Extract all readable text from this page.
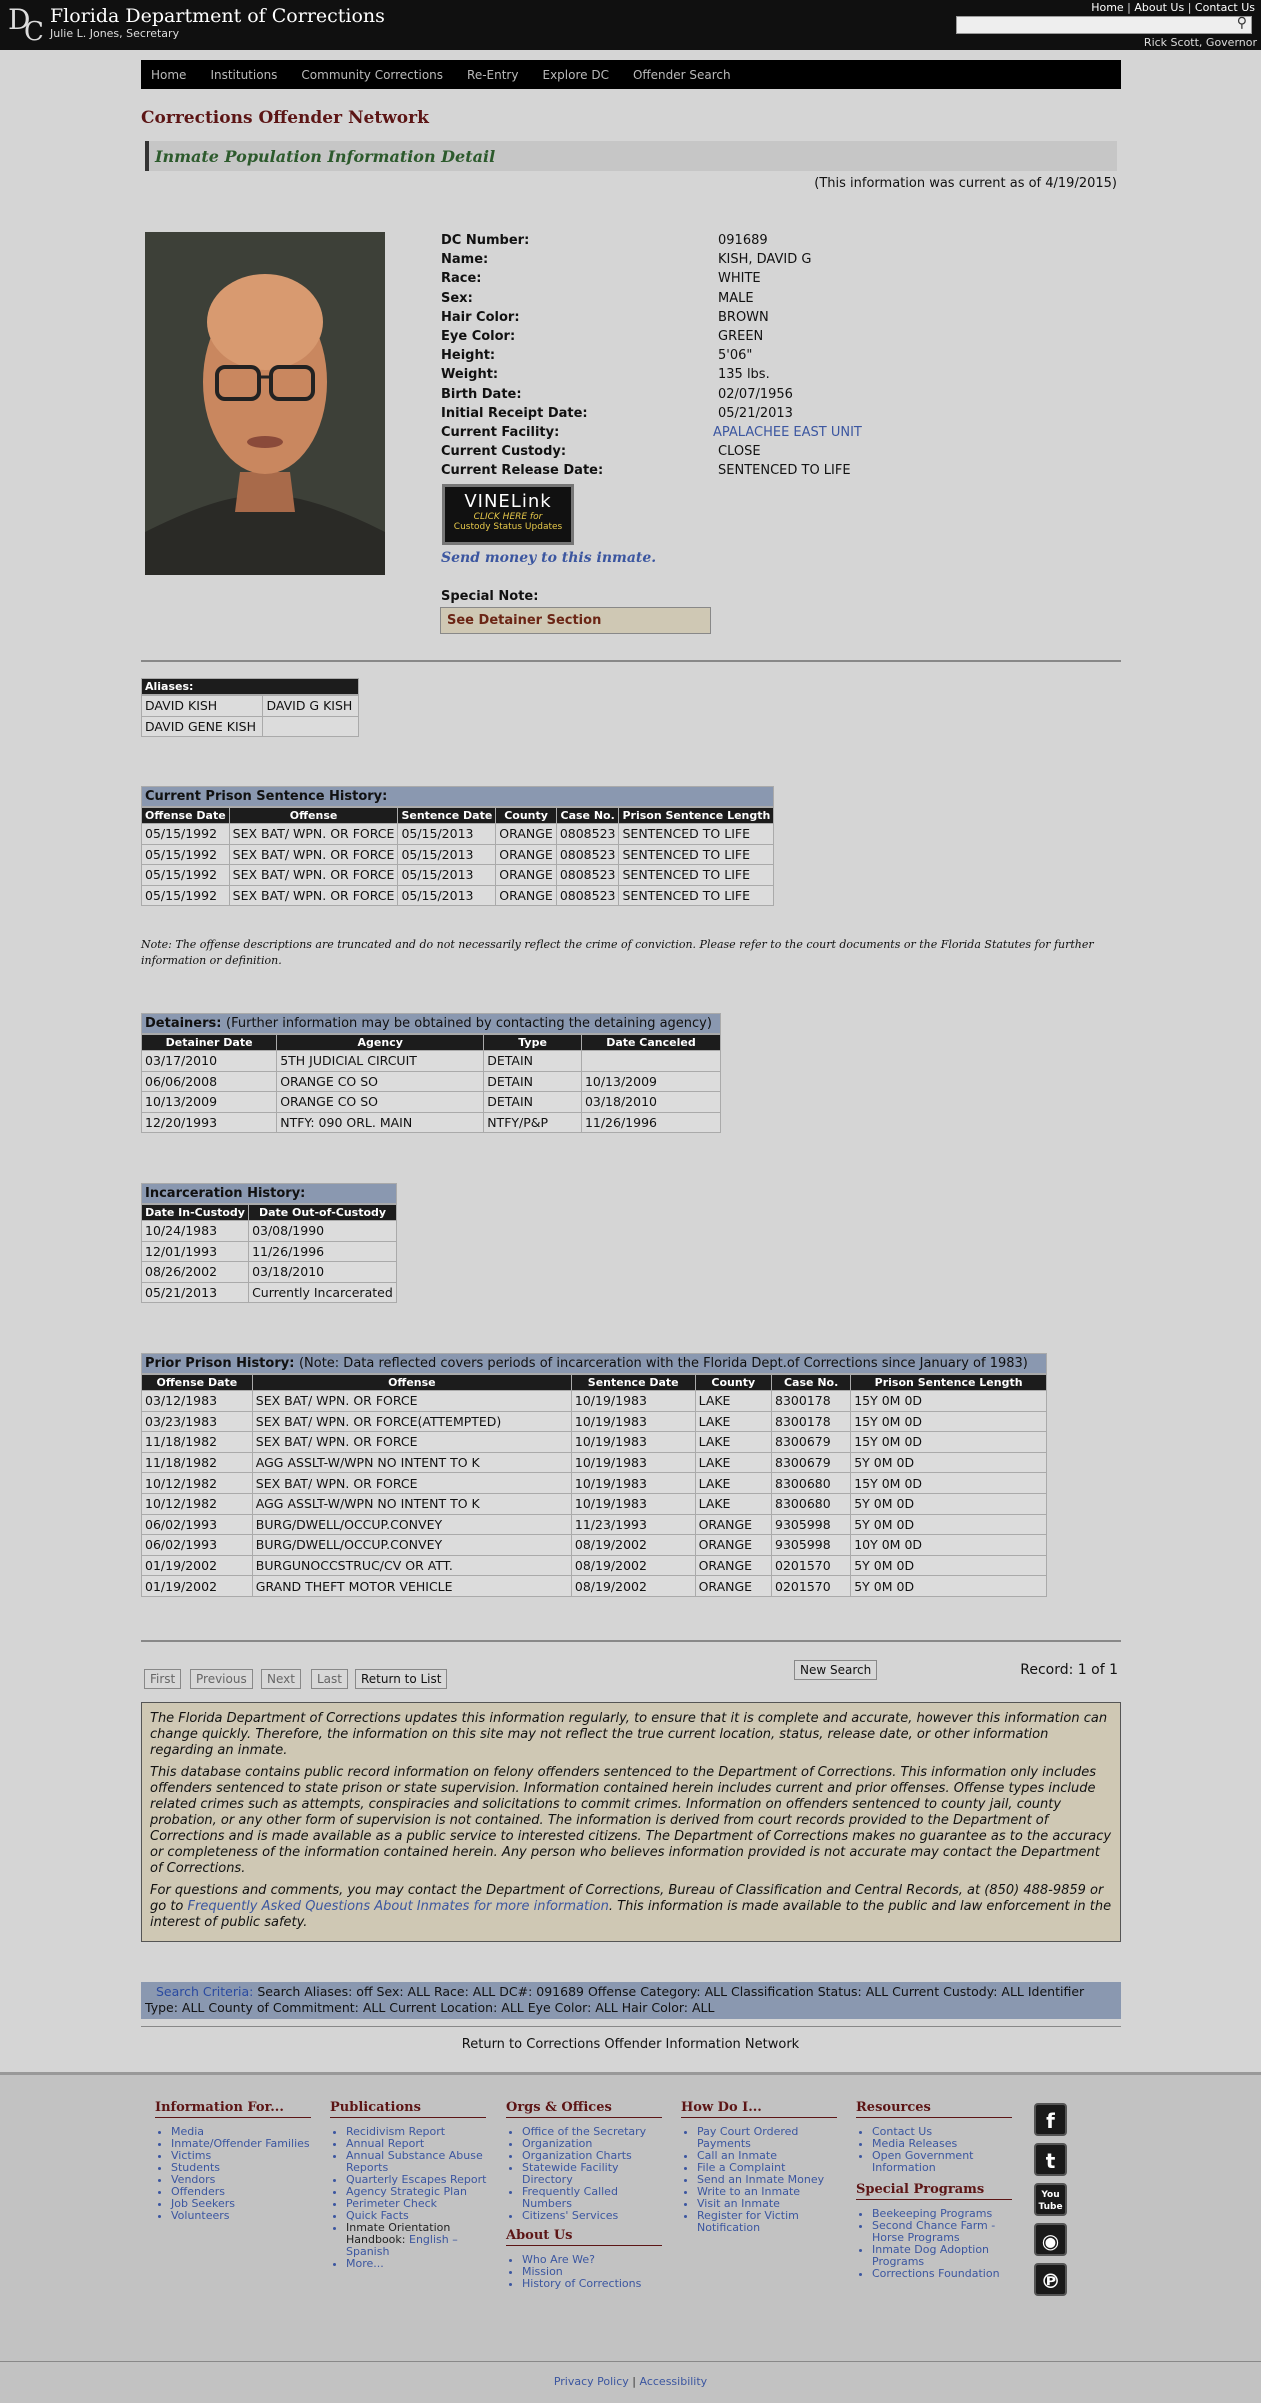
D
C
Florida Department of Corrections
Julie L. Jones, Secretary
Home | About Us | Contact Us
⚲
Rick Scott, Governor
Home Institutions Community Corrections Re-Entry Explore DC Offender Search
Corrections Offender Network
Inmate Population Information Detail
(This information was current as of 4/19/2015)
DC Number:	091689
Name:	KISH, DAVID G
Race:	WHITE
Sex:	MALE
Hair Color:	BROWN
Eye Color:	GREEN
Height:	5'06"
Weight:	135 lbs.
Birth Date:	02/07/1956
Initial Receipt Date:	05/21/2013
Current Facility:	APALACHEE EAST UNIT
Current Custody:	CLOSE
Current Release Date:	SENTENCED TO LIFE
VINELink
CLICK HERE for
Custody Status Updates
Send money to this inmate.
Special Note:
See Detainer Section
Aliases:
DAVID KISH	DAVID G KISH
DAVID GENE KISH	
Current Prison Sentence History:
Offense Date	Offense	Sentence Date	County	Case No.	Prison Sentence Length
05/15/1992	SEX BAT/ WPN. OR FORCE	05/15/2013	ORANGE	0808523	SENTENCED TO LIFE
05/15/1992	SEX BAT/ WPN. OR FORCE	05/15/2013	ORANGE	0808523	SENTENCED TO LIFE
05/15/1992	SEX BAT/ WPN. OR FORCE	05/15/2013	ORANGE	0808523	SENTENCED TO LIFE
05/15/1992	SEX BAT/ WPN. OR FORCE	05/15/2013	ORANGE	0808523	SENTENCED TO LIFE
Note: The offense descriptions are truncated and do not necessarily reflect the crime of conviction. Please refer to the court documents or the Florida Statutes for further information or definition.
Detainers: (Further information may be obtained by contacting the detaining agency)
Detainer Date	Agency	Type	Date Canceled
03/17/2010	5TH JUDICIAL CIRCUIT	DETAIN	
06/06/2008	ORANGE CO SO	DETAIN	10/13/2009
10/13/2009	ORANGE CO SO	DETAIN	03/18/2010
12/20/1993	NTFY: 090 ORL. MAIN	NTFY/P&P	11/26/1996
Incarceration History:
Date In-Custody	Date Out-of-Custody
10/24/1983	03/08/1990
12/01/1993	11/26/1996
08/26/2002	03/18/2010
05/21/2013	Currently Incarcerated
Prior Prison History: (Note: Data reflected covers periods of incarceration with the Florida Dept.of Corrections since January of 1983)
Offense Date	Offense	Sentence Date	County	Case No.	Prison Sentence Length
03/12/1983	SEX BAT/ WPN. OR FORCE	10/19/1983	LAKE	8300178	15Y 0M 0D
03/23/1983	SEX BAT/ WPN. OR FORCE(ATTEMPTED)	10/19/1983	LAKE	8300178	15Y 0M 0D
11/18/1982	SEX BAT/ WPN. OR FORCE	10/19/1983	LAKE	8300679	15Y 0M 0D
11/18/1982	AGG ASSLT-W/WPN NO INTENT TO K	10/19/1983	LAKE	8300679	5Y 0M 0D
10/12/1982	SEX BAT/ WPN. OR FORCE	10/19/1983	LAKE	8300680	15Y 0M 0D
10/12/1982	AGG ASSLT-W/WPN NO INTENT TO K	10/19/1983	LAKE	8300680	5Y 0M 0D
06/02/1993	BURG/DWELL/OCCUP.CONVEY	11/23/1993	ORANGE	9305998	5Y 0M 0D
06/02/1993	BURG/DWELL/OCCUP.CONVEY	08/19/2002	ORANGE	9305998	10Y 0M 0D
01/19/2002	BURGUNOCCSTRUC/CV OR ATT.	08/19/2002	ORANGE	0201570	5Y 0M 0D
01/19/2002	GRAND THEFT MOTOR VEHICLE	08/19/2002	ORANGE	0201570	5Y 0M 0D
First	Previous	Next	Last	Return to List
New Search	Record: 1 of 1

The Florida Department of Corrections updates this information regularly, to ensure that it is complete and accurate, however this information can change quickly. Therefore, the information on this site may not reflect the true current location, status, release date, or other information regarding an inmate.

This database contains public record information on felony offenders sentenced to the Department of Corrections. This information only includes offenders sentenced to state prison or state supervision. Information contained herein includes current and prior offenses. Offense types include related crimes such as attempts, conspiracies and solicitations to commit crimes. Information on offenders sentenced to county jail, county probation, or any other form of supervision is not contained. The information is derived from court records provided to the Department of Corrections and is made available as a public service to interested citizens. The Department of Corrections makes no guarantee as to the accuracy or completeness of the information contained herein. Any person who believes information provided is not accurate may contact the Department of Corrections.

For questions and comments, you may contact the Department of Corrections, Bureau of Classification and Central Records, at (850) 488-9859 or go to Frequently Asked Questions About Inmates for more information. This information is made available to the public and law enforcement in the interest of public safety.

Search Criteria: Search Aliases: off Sex: ALL Race: ALL DC#: 091689 Offense Category: ALL Classification Status: ALL Current Custody: ALL Identifier Type: ALL County of Commitment: ALL Current Location: ALL Eye Color: ALL Hair Color: ALL
Return to Corrections Offender Information Network
Information For...
• Media
• Inmate/Offender Families
• Victims
• Students
• Vendors
• Offenders
• Job Seekers
• Volunteers
Publications
• Recidivism Report
• Annual Report
• Annual Substance Abuse Reports
• Quarterly Escapes Report
• Agency Strategic Plan
• Perimeter Check
• Quick Facts
• Inmate Orientation Handbook: English – Spanish
• More...
Orgs & Offices
• Office of the Secretary
• Organization
• Organization Charts
• Statewide Facility Directory
• Frequently Called Numbers
• Citizens' Services
About Us
• Who Are We?
• Mission
• History of Corrections
How Do I...
• Pay Court Ordered Payments
• Call an Inmate
• File a Complaint
• Send an Inmate Money
• Write to an Inmate
• Visit an Inmate
• Register for Victim Notification
Resources
• Contact Us
• Media Releases
• Open Government Information
Special Programs
• Beekeeping Programs
• Second Chance Farm - Horse Programs
• Inmate Dog Adoption Programs
• Corrections Foundation
f
t
You Tube
◉
℗
Privacy Policy | Accessibility
